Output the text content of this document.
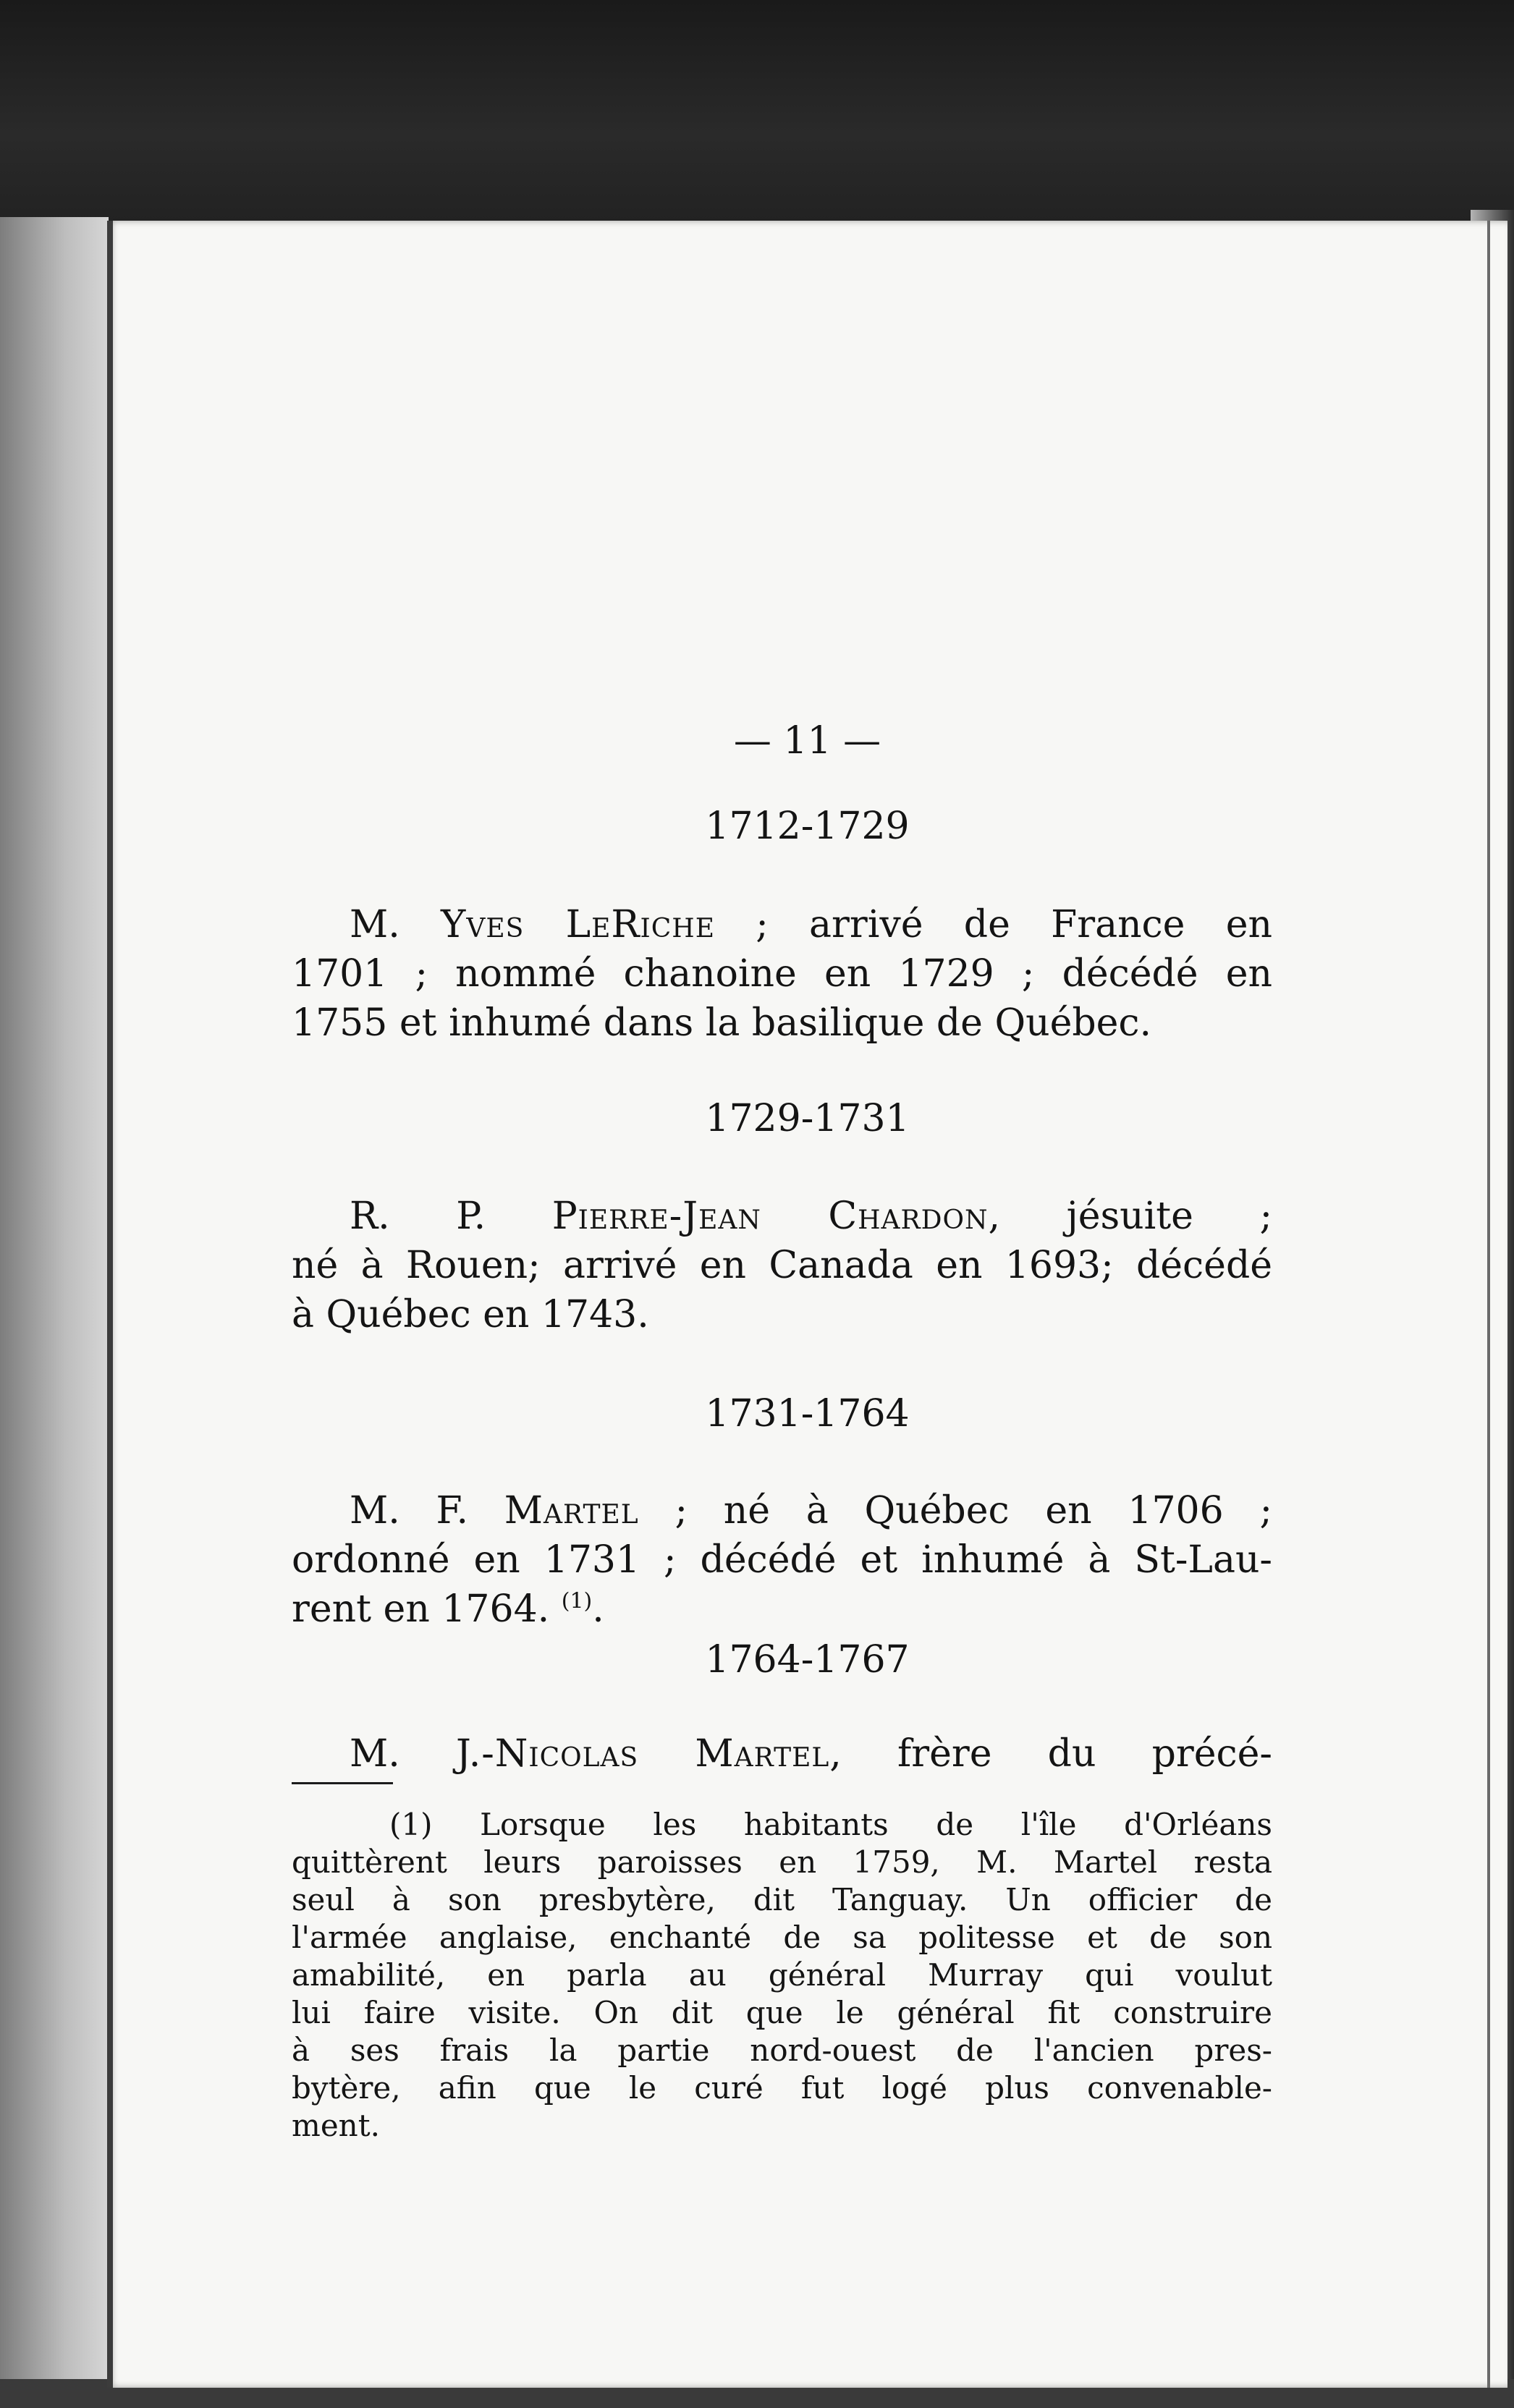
— 11 —
1712-1729
M. Yves LeRiche ; arrivé de France en
1701 ; nommé chanoine en 1729 ; décédé en
1755 et inhumé dans la basilique de Québec.
1729-1731
R. P. Pierre-Jean Chardon, jésuite ;
né à Rouen; arrivé en Canada en 1693; décédé
à Québec en 1743.
1731-1764
M. F. Martel ; né à Québec en 1706 ;
ordonné en 1731 ; décédé et inhumé à St-Lau-
rent en 1764. $^{(1)}$.
1764-1767
M. J.-Nicolas Martel, frère du précé-
(1) Lorsque les habitants de l'île d'Orléans
quittèrent leurs paroisses en 1759, M. Martel resta
seul à son presbytère, dit Tanguay. Un officier de
l'armée anglaise, enchanté de sa politesse et de son
amabilité, en parla au général Murray qui voulut
lui faire visite. On dit que le général fit construire
à ses frais la partie nord-ouest de l'ancien pres-
bytère, afin que le curé fut logé plus convenable-
ment.
